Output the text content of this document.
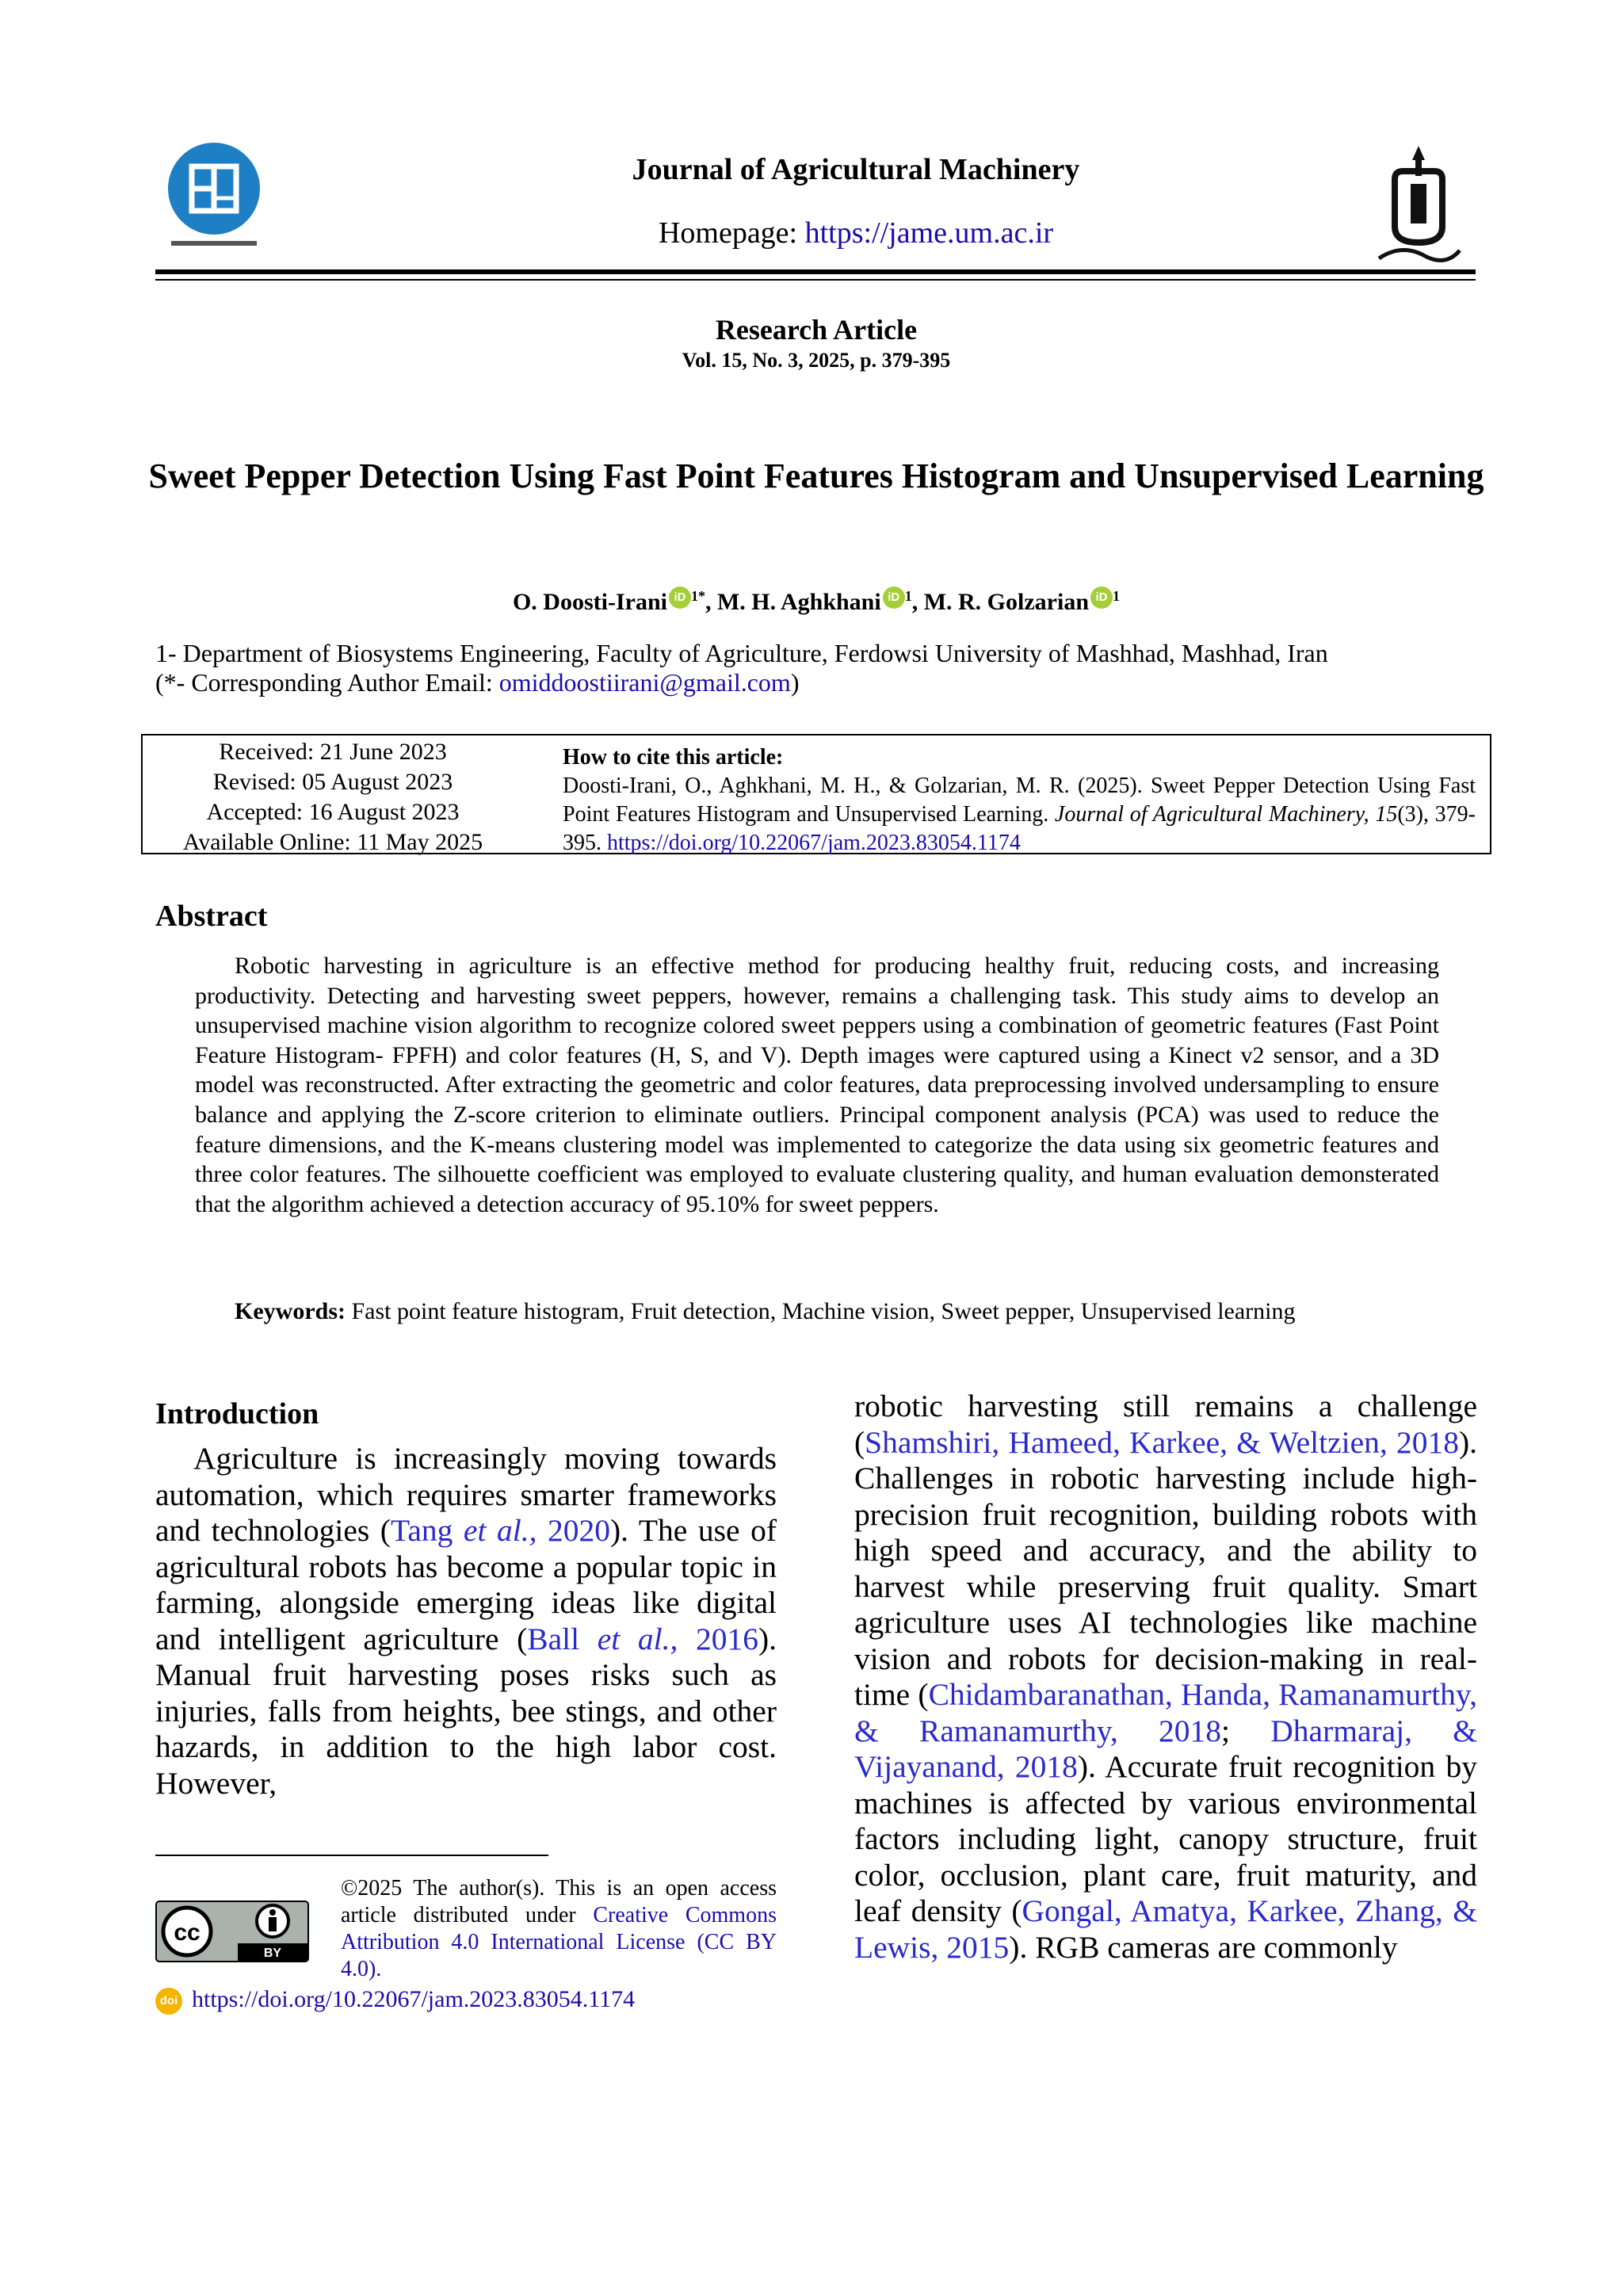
Journal of Agricultural Machinery
Homepage: https://jame.um.ac.ir
Research Article
Vol. 15, No. 3, 2025, p. 379-395
Sweet Pepper Detection Using Fast Point Features Histogram and Unsupervised Learning
O. Doosti-Irani iD $^{1*}$, M. H. Aghkhani iD $^1$, M. R. Golzarian iD $^1$
1- Department of Biosystems Engineering, Faculty of Agriculture, Ferdowsi University of Mashhad, Mashhad, Iran
(*- Corresponding Author Email: omiddoostiirani@gmail.com)
Received: 21 June 2023
Revised: 05 August 2023
Accepted: 16 August 2023
Available Online: 11 May 2025
How to cite this article:
Doosti-Irani, O., Aghkhani, M. H., & Golzarian, M. R. (2025). Sweet Pepper Detection Using Fast Point Features Histogram and Unsupervised Learning. Journal of Agricultural Machinery, 15(3), 379-395. https://doi.org/10.22067/jam.2023.83054.1174
Abstract

Robotic harvesting in agriculture is an effective method for producing healthy fruit, reducing costs, and increasing productivity. Detecting and harvesting sweet peppers, however, remains a challenging task. This study aims to develop an unsupervised machine vision algorithm to recognize colored sweet peppers using a combination of geometric features (Fast Point Feature Histogram- FPFH) and color features (H, S, and V). Depth images were captured using a Kinect v2 sensor, and a 3D model was reconstructed. After extracting the geometric and color features, data preprocessing involved undersampling to ensure balance and applying the Z-score criterion to eliminate outliers. Principal component analysis (PCA) was used to reduce the feature dimensions, and the K-means clustering model was implemented to categorize the data using six geometric features and three color features. The silhouette coefficient was employed to evaluate clustering quality, and human evaluation demonsterated that the algorithm achieved a detection accuracy of 95.10% for sweet peppers.

Keywords: Fast point feature histogram, Fruit detection, Machine vision, Sweet pepper, Unsupervised learning
Introduction

Agriculture is increasingly moving towards automation, which requires smarter frameworks and technologies (Tang et al., 2020). The use of agricultural robots has become a popular topic in farming, alongside emerging ideas like digital and intelligent agriculture (Ball et al., 2016). Manual fruit harvesting poses risks such as injuries, falls from heights, bee stings, and other hazards, in addition to the high labor cost. However,

robotic harvesting still remains a challenge (Shamshiri, Hameed, Karkee, & Weltzien, 2018). Challenges in robotic harvesting include high-precision fruit recognition, building robots with high speed and accuracy, and the ability to harvest while preserving fruit quality. Smart agriculture uses AI technologies like machine vision and robots for decision-making in real-time (Chidambaranathan, Handa, Ramanamurthy, & Ramanamurthy, 2018; Dharmaraj, & Vijayanand, 2018). Accurate fruit recognition by machines is affected by various environmental factors including light, canopy structure, fruit color, occlusion, plant care, fruit maturity, and leaf density (Gongal, Amatya, Karkee, Zhang, & Lewis, 2015). RGB cameras are commonly

cc
BY
©2025 The author(s). This is an open access article distributed under Creative Commons Attribution 4.0 International License (CC BY 4.0).
doi https://doi.org/10.22067/jam.2023.83054.1174
